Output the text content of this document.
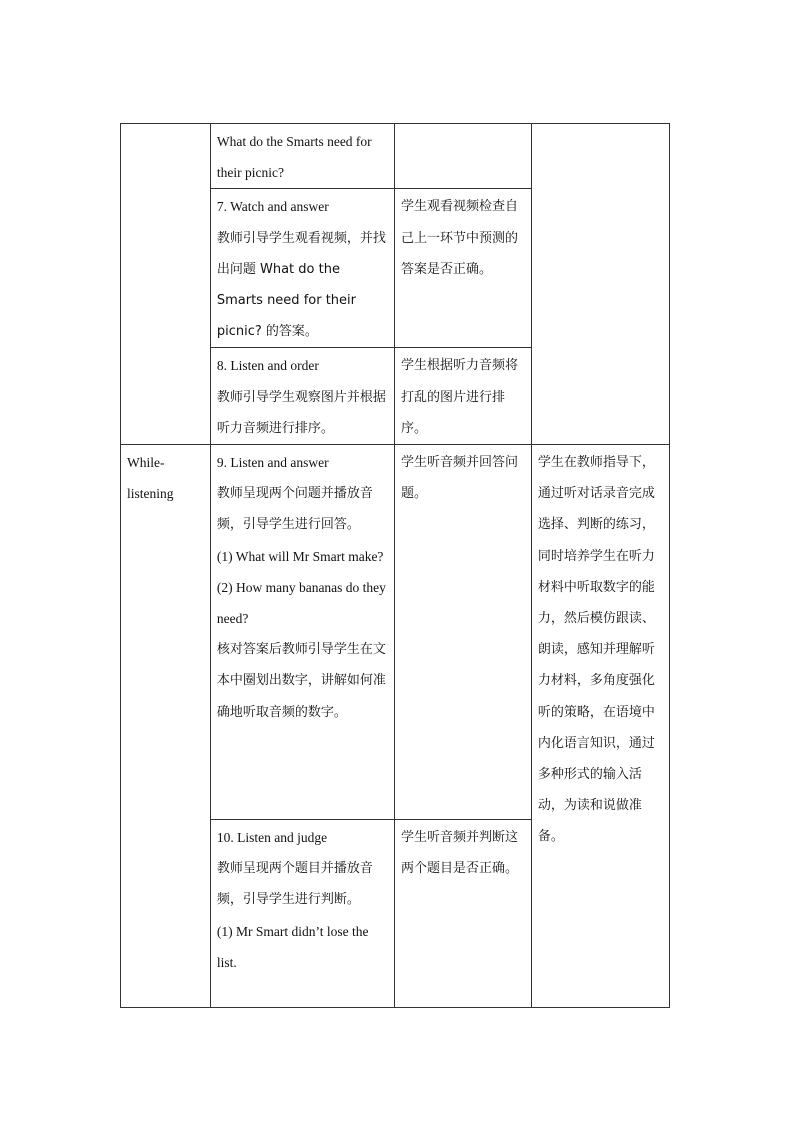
	What do the Smarts need for their picnic?		

	7. Watch and answer
教师引导学生观看视频，并找出问题 What do the Smarts need for their picnic? 的答案。	学生观看视频检查自己上一环节中预测的答案是否正确。	

	8. Listen and order
教师引导学生观察图片并根据听力音频进行排序。	学生根据听力音频将打乱的图片进行排序。	

While-listening	9. Listen and answer
教师呈现两个问题并播放音频，引导学生进行回答。
(1) What will Mr Smart make?
(2) How many bananas do they need?
核对答案后教师引导学生在文本中圈划出数字，讲解如何准确地听取音频的数字。	学生听音频并回答问题。	学生在教师指导下，通过听对话录音完成选择、判断的练习，同时培养学生在听力材料中听取数字的能力，然后模仿跟读、朗读，感知并理解听力材料，多角度强化听的策略，在语境中内化语言知识，通过多种形式的输入活动，为读和说做准备。

	10. Listen and judge
教师呈现两个题目并播放音频，引导学生进行判断。
(1) Mr Smart didn’t lose the list.	学生听音频并判断这两个题目是否正确。	
